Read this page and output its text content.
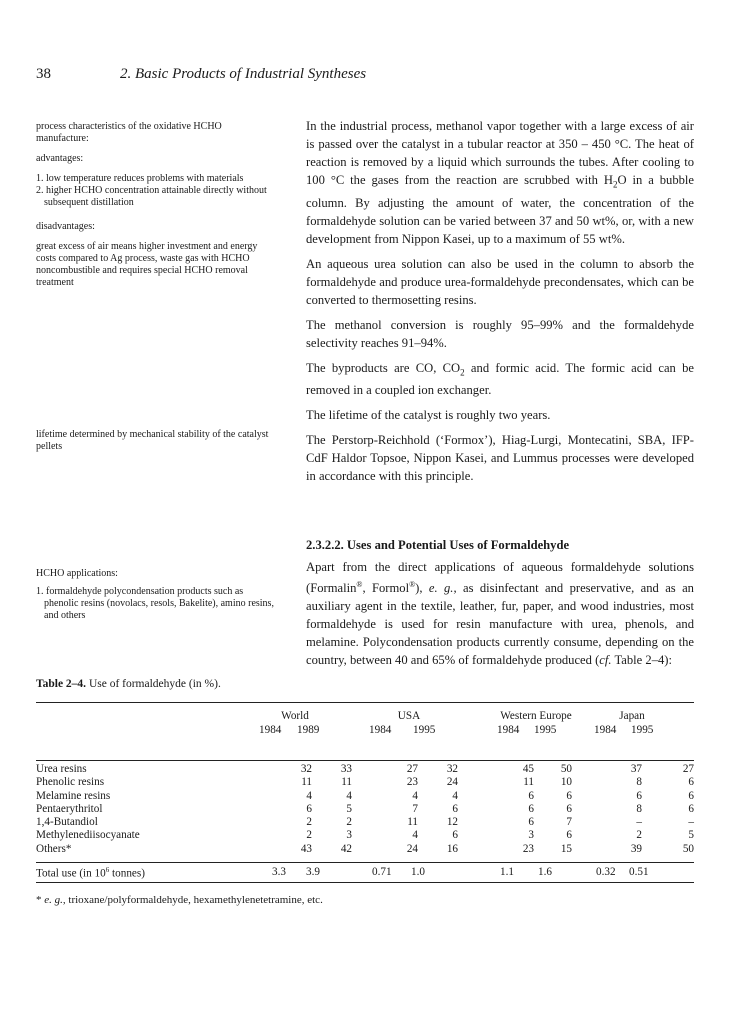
38	2. Basic Products of Industrial Syntheses

process characteristics of the oxidative HCHO manufacture:

advantages:

1. low temperature reduces problems with materials
2. higher HCHO concentration attainable directly without subsequent distillation

disadvantages:

great excess of air means higher investment and energy costs compared to Ag process, waste gas with HCHO noncombustible and requires special HCHO removal treatment

lifetime determined by mechanical stability of the catalyst pellets

HCHO applications:

1. formaldehyde polycondensation products such as phenolic resins (novolacs, resols, Bakelite), amino resins, and others

In the industrial process, methanol vapor together with a large excess of air is passed over the catalyst in a tubular reactor at 350 – 450 °C. The heat of reaction is removed by a liquid which surrounds the tubes. After cooling to 100 °C the gases from the reaction are scrubbed with $H_2O$ in a bubble column. By adjusting the amount of water, the concentration of the formaldehyde solution can be varied between 37 and 50 wt%, or, with a new development from Nippon Kasei, up to a maximum of 55 wt%.

An aqueous urea solution can also be used in the column to absorb the formaldehyde and produce urea-formaldehyde precondensates, which can be converted to thermosetting resins.

The methanol conversion is roughly 95–99% and the formaldehyde selectivity reaches 91–94%.

The byproducts are CO, $CO_2$ and formic acid. The formic acid can be removed in a coupled ion exchanger.

The lifetime of the catalyst is roughly two years.

The Perstorp-Reichhold (‘Formox’), Hiag-Lurgi, Montecatini, SBA, IFP-CdF Haldor Topsoe, Nippon Kasei, and Lummus processes were developed in accordance with this principle.

2.3.2.2. Uses and Potential Uses of Formaldehyde

Apart from the direct applications of aqueous formaldehyde solutions (Formalin®, Formol®), e. g., as disinfectant and preservative, and as an auxiliary agent in the textile, leather, fur, paper, and wood industries, most formaldehyde is used for resin manufacture with urea, phenols, and melamine. Polycondensation products currently consume, depending on the country, between 40 and 65% of formaldehyde produced (cf. Table 2–4):

Table 2–4. Use of formaldehyde (in %).
World	USA	Western Europe	Japan
1984 1989	1984 1995	1984 1995	1984 1995
Urea resins	32	33	27	32	45	50	37	27
Phenolic resins	11	11	23	24	11	10	8	6
Melamine resins	4	4	4	4	6	6	6	6
Pentaerythritol	6	5	7	6	6	6	8	6
1,4-Butandiol	2	2	11	12	6	7	–	–
Methylenediisocyanate	2	3	4	6	3	6	2	5
Others*	43	42	24	16	23	15	39	50
Total use (in $10^6$ tonnes)	3.3 3.9	0.71 1.0	1.1 1.6	0.32 0.51
* e. g., trioxane/polyformaldehyde, hexamethylenetetramine, etc.
